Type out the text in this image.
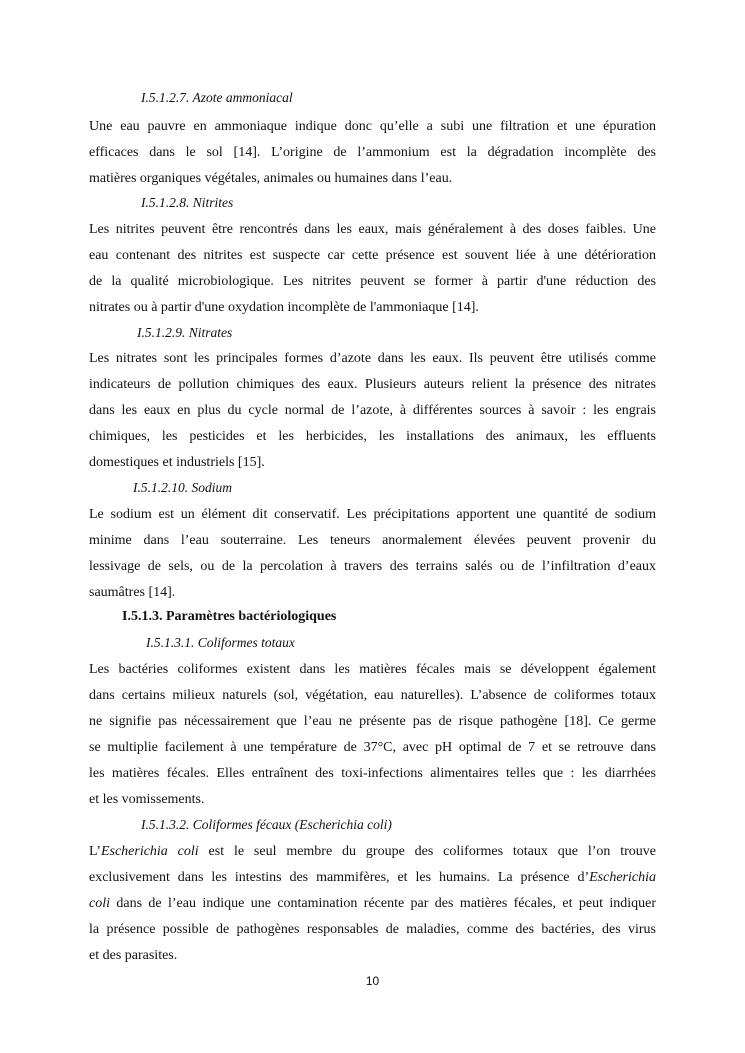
I.5.1.2.7. Azote ammoniacal
Une eau pauvre en ammoniaque indique donc qu’elle a subi une filtration et une épuration
efficaces dans le sol [14]. L’origine de l’ammonium est la dégradation incomplète des
matières organiques végétales, animales ou humaines dans l’eau.
I.5.1.2.8. Nitrites
Les nitrites peuvent être rencontrés dans les eaux, mais généralement à des doses faibles. Une
eau contenant des nitrites est suspecte car cette présence est souvent liée à une détérioration
de la qualité microbiologique. Les nitrites peuvent se former à partir d'une réduction des
nitrates ou à partir d'une oxydation incomplète de l'ammoniaque [14].
I.5.1.2.9. Nitrates
Les nitrates sont les principales formes d’azote dans les eaux. Ils peuvent être utilisés comme
indicateurs de pollution chimiques des eaux. Plusieurs auteurs relient la présence des nitrates
dans les eaux en plus du cycle normal de l’azote, à différentes sources à savoir : les engrais
chimiques, les pesticides et les herbicides, les installations des animaux, les effluents
domestiques et industriels [15].
I.5.1.2.10. Sodium
Le sodium est un élément dit conservatif. Les précipitations apportent une quantité de sodium
minime dans l’eau souterraine. Les teneurs anormalement élevées peuvent provenir du
lessivage de sels, ou de la percolation à travers des terrains salés ou de l’infiltration d’eaux
saumâtres [14].
I.5.1.3. Paramètres bactériologiques
I.5.1.3.1. Coliformes totaux
Les bactéries coliformes existent dans les matières fécales mais se développent également
dans certains milieux naturels (sol, végétation, eau naturelles). L’absence de coliformes totaux
ne signifie pas nécessairement que l’eau ne présente pas de risque pathogène [18]. Ce germe
se multiplie facilement à une température de 37°C, avec pH optimal de 7 et se retrouve dans
les matières fécales. Elles entraînent des toxi-infections alimentaires telles que : les diarrhées
et les vomissements.
I.5.1.3.2. Coliformes fécaux (Escherichia coli)
L’Escherichia coli est le seul membre du groupe des coliformes totaux que l’on trouve
exclusivement dans les intestins des mammifères, et les humains. La présence d’Escherichia
coli dans de l’eau indique une contamination récente par des matières fécales, et peut indiquer
la présence possible de pathogènes responsables de maladies, comme des bactéries, des virus
et des parasites.
10
